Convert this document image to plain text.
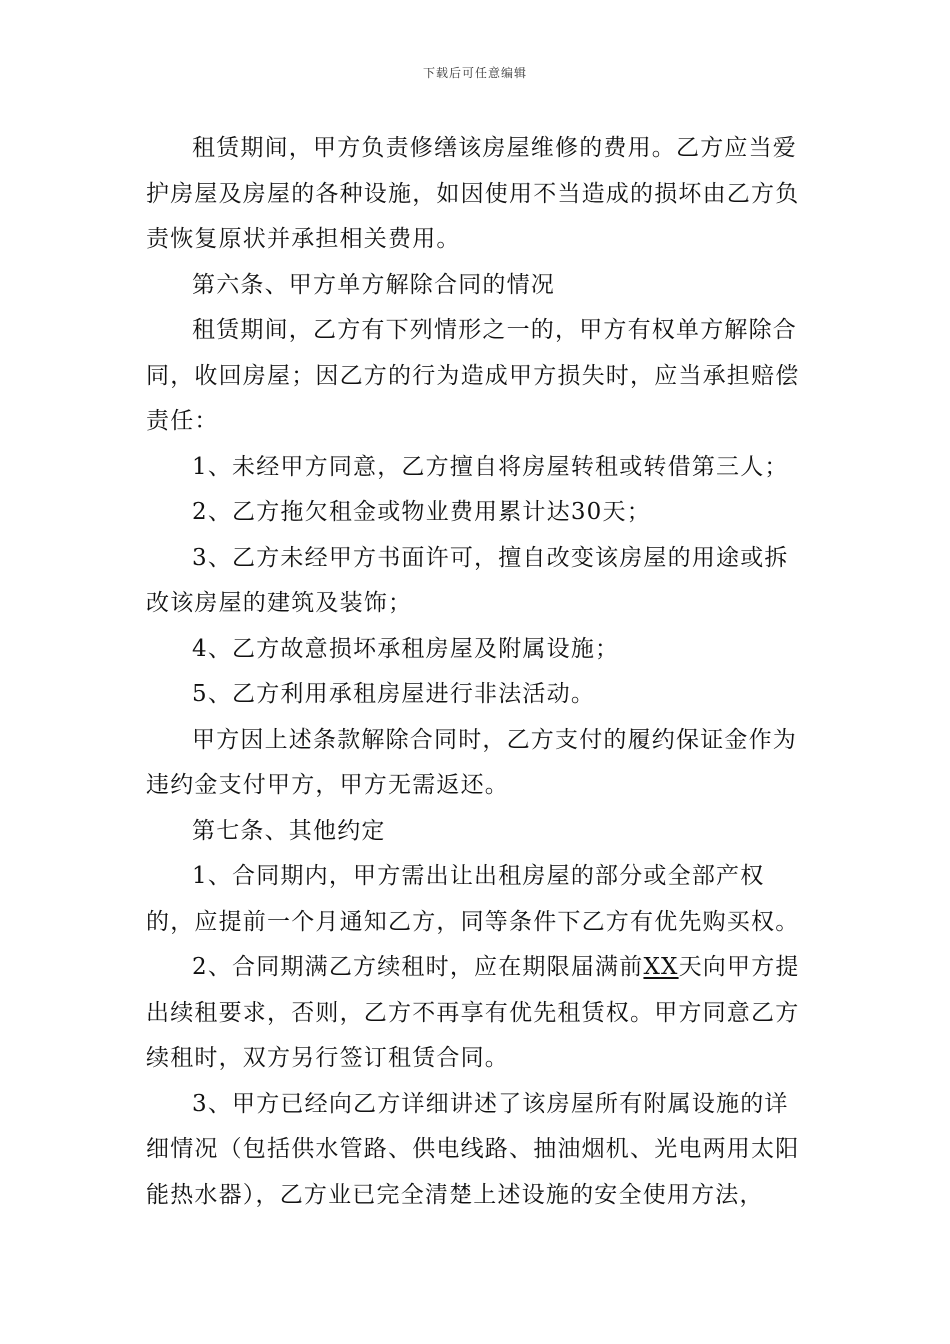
下载后可任意编辑

租赁期间，甲方负责修缮该房屋维修的费用。乙方应当爱护房屋及房屋的各种设施，如因使用不当造成的损坏由乙方负责恢复原状并承担相关费用。

第六条、甲方单方解除合同的情况

租赁期间，乙方有下列情形之一的，甲方有权单方解除合同，收回房屋；因乙方的行为造成甲方损失时，应当承担赔偿责任：

1、未经甲方同意，乙方擅自将房屋转租或转借第三人；

2、乙方拖欠租金或物业费用累计达30天；

3、乙方未经甲方书面许可，擅自改变该房屋的用途或拆改该房屋的建筑及装饰；

4、乙方故意损坏承租房屋及附属设施；

5、乙方利用承租房屋进行非法活动。

甲方因上述条款解除合同时，乙方支付的履约保证金作为违约金支付甲方，甲方无需返还。

第七条、其他约定

1、合同期内，甲方需出让出租房屋的部分或全部产权的，应提前一个月通知乙方，同等条件下乙方有优先购买权。

2、合同期满乙方续租时，应在期限届满前XX天向甲方提出续租要求，否则，乙方不再享有优先租赁权。甲方同意乙方续租时，双方另行签订租赁合同。

3、甲方已经向乙方详细讲述了该房屋所有附属设施的详细情况（包括供水管路、供电线路、抽油烟机、光电两用太阳能热水器），乙方业已完全清楚上述设施的安全使用方法，
